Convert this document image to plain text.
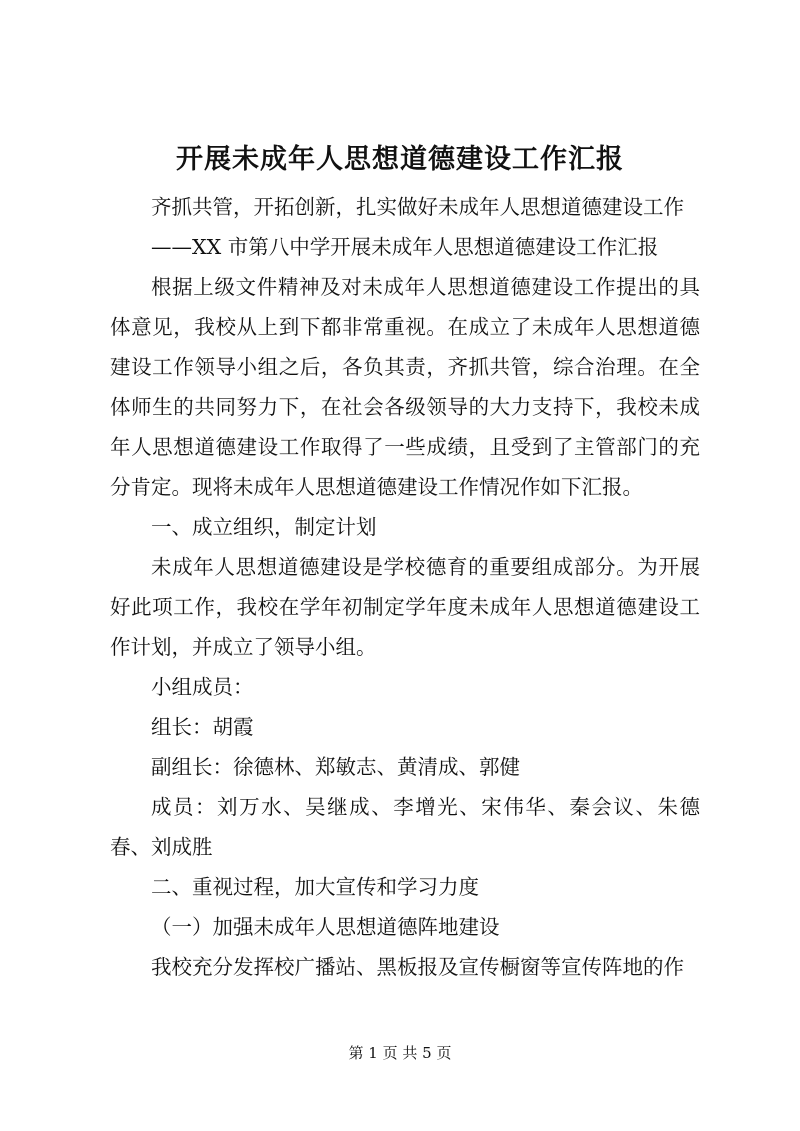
开展未成年人思想道德建设工作汇报

齐抓共管，开拓创新，扎实做好未成年人思想道德建设工作

——XX 市第八中学开展未成年人思想道德建设工作汇报

根据上级文件精神及对未成年人思想道德建设工作提出的具体意见，我校从上到下都非常重视。在成立了未成年人思想道德建设工作领导小组之后，各负其责，齐抓共管，综合治理。在全体师生的共同努力下，在社会各级领导的大力支持下，我校未成年人思想道德建设工作取得了一些成绩，且受到了主管部门的充分肯定。现将未成年人思想道德建设工作情况作如下汇报。

一、成立组织，制定计划

未成年人思想道德建设是学校德育的重要组成部分。为开展好此项工作，我校在学年初制定学年度未成年人思想道德建设工作计划，并成立了领导小组。

小组成员：

组长：胡霞

副组长：徐德林、郑敏志、黄清成、郭健

成员：刘万水、吴继成、李增光、宋伟华、秦会议、朱德春、刘成胜

二、重视过程，加大宣传和学习力度

（一）加强未成年人思想道德阵地建设

我校充分发挥校广播站、黑板报及宣传橱窗等宣传阵地的作

第 1 页 共 5 页
